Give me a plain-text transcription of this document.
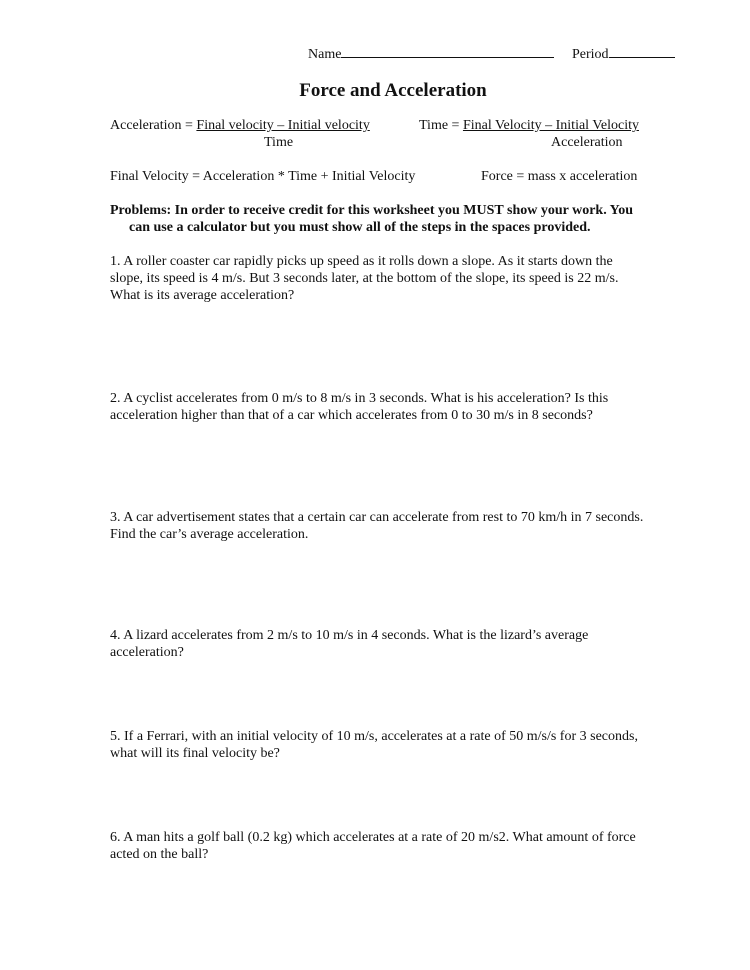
Name	Period
Force and Acceleration
Acceleration = Final velocity – Initial velocity
Time
Time = Final Velocity – Initial Velocity
Acceleration
Final Velocity = Acceleration * Time + Initial Velocity	Force = mass x acceleration
Problems: In order to receive credit for this worksheet you MUST show your work. You
can use a calculator but you must show all of the steps in the spaces provided.
1. A roller coaster car rapidly picks up speed as it rolls down a slope. As it starts down the
slope, its speed is 4 m/s. But 3 seconds later, at the bottom of the slope, its speed is 22 m/s.
What is its average acceleration?
2. A cyclist accelerates from 0 m/s to 8 m/s in 3 seconds. What is his acceleration? Is this
acceleration higher than that of a car which accelerates from 0 to 30 m/s in 8 seconds?
3. A car advertisement states that a certain car can accelerate from rest to 70 km/h in 7 seconds.
Find the car’s average acceleration.
4. A lizard accelerates from 2 m/s to 10 m/s in 4 seconds. What is the lizard’s average
acceleration?
5. If a Ferrari, with an initial velocity of 10 m/s, accelerates at a rate of 50 m/s/s for 3 seconds,
what will its final velocity be?
6. A man hits a golf ball (0.2 kg) which accelerates at a rate of 20 m/s2. What amount of force
acted on the ball?
